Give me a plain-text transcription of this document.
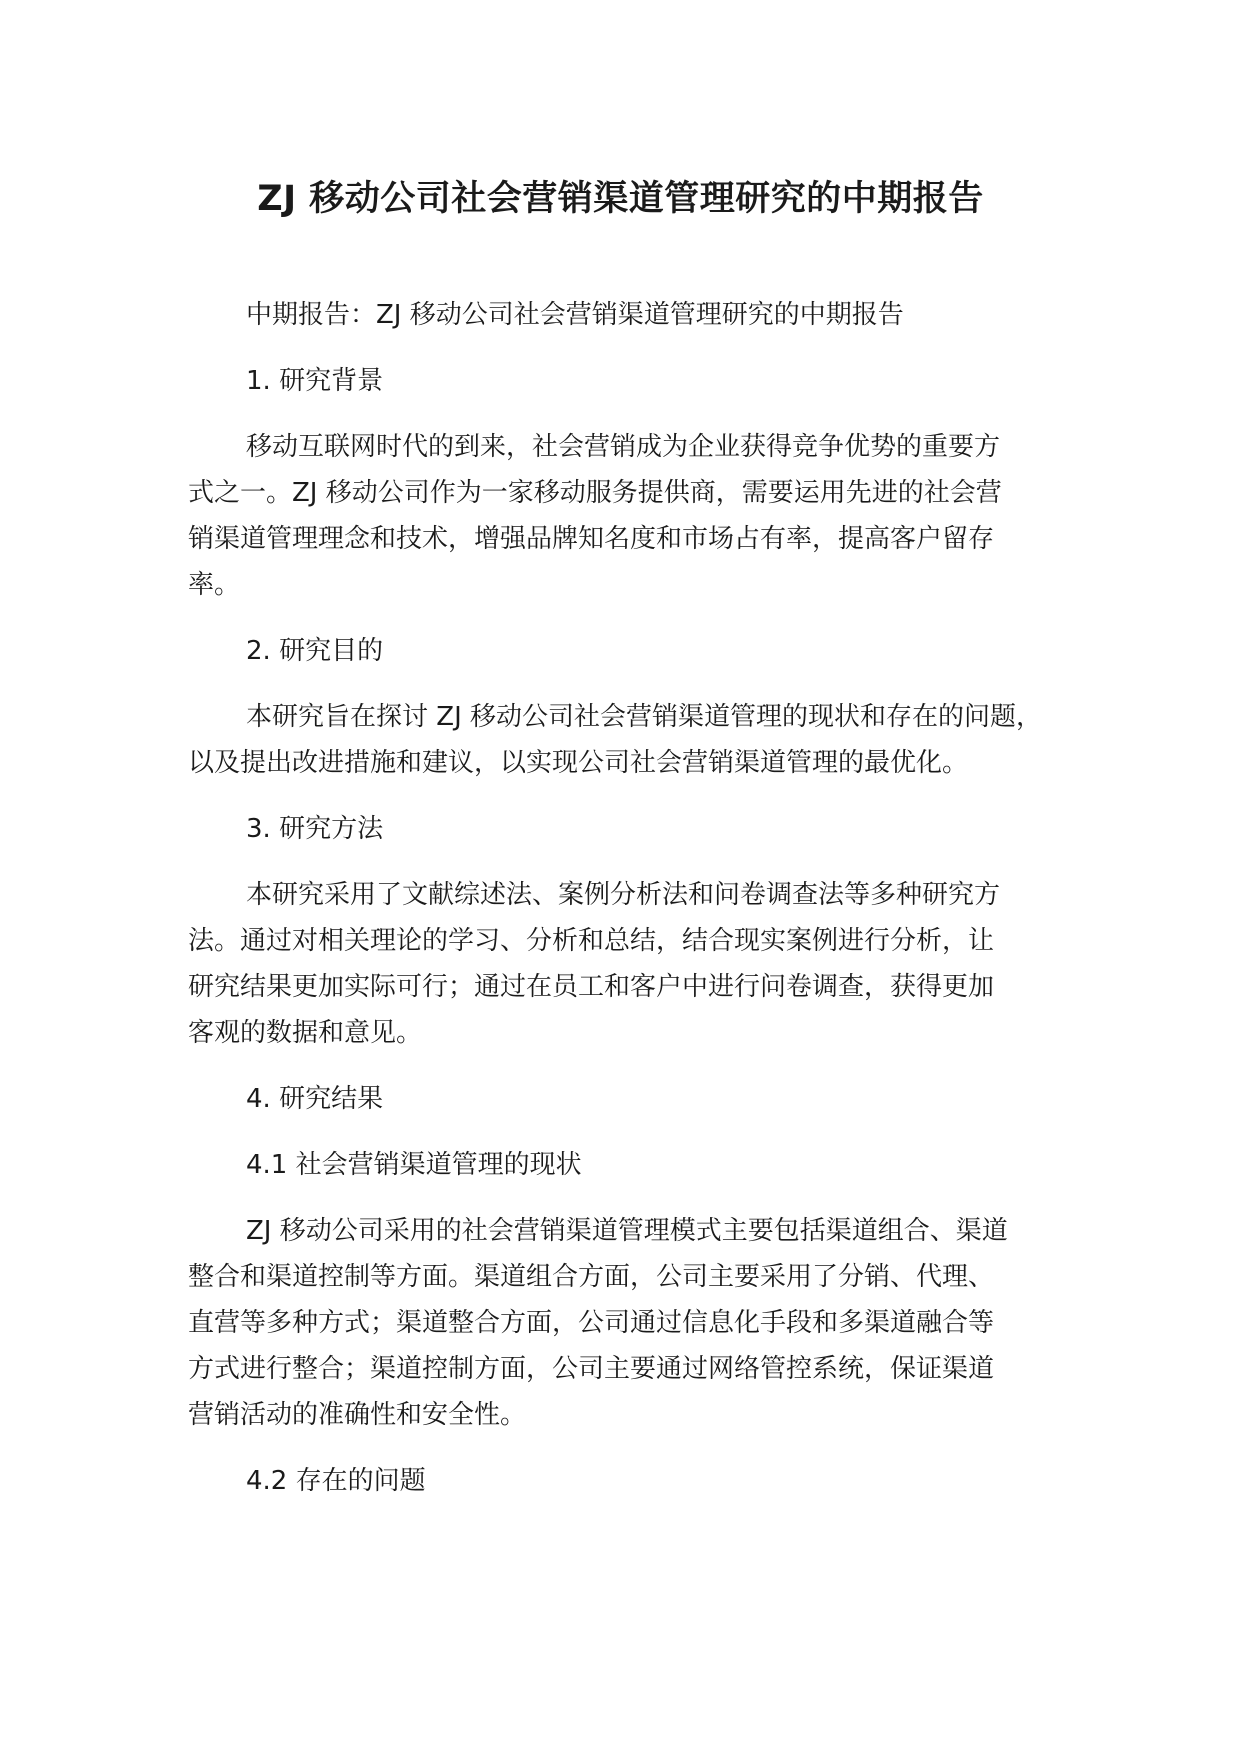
ZJ 移动公司社会营销渠道管理研究的中期报告

中期报告：ZJ 移动公司社会营销渠道管理研究的中期报告

1. 研究背景

移动互联网时代的到来，社会营销成为企业获得竞争优势的重要方

式之一。ZJ 移动公司作为一家移动服务提供商，需要运用先进的社会营

销渠道管理理念和技术，增强品牌知名度和市场占有率，提高客户留存

率。

2. 研究目的

本研究旨在探讨 ZJ 移动公司社会营销渠道管理的现状和存在的问题，

以及提出改进措施和建议，以实现公司社会营销渠道管理的最优化。

3. 研究方法

本研究采用了文献综述法、案例分析法和问卷调查法等多种研究方

法。通过对相关理论的学习、分析和总结，结合现实案例进行分析，让

研究结果更加实际可行；通过在员工和客户中进行问卷调查，获得更加

客观的数据和意见。

4. 研究结果

4.1 社会营销渠道管理的现状

ZJ 移动公司采用的社会营销渠道管理模式主要包括渠道组合、渠道

整合和渠道控制等方面。渠道组合方面，公司主要采用了分销、代理、

直营等多种方式；渠道整合方面，公司通过信息化手段和多渠道融合等

方式进行整合；渠道控制方面，公司主要通过网络管控系统，保证渠道

营销活动的准确性和安全性。

4.2 存在的问题
